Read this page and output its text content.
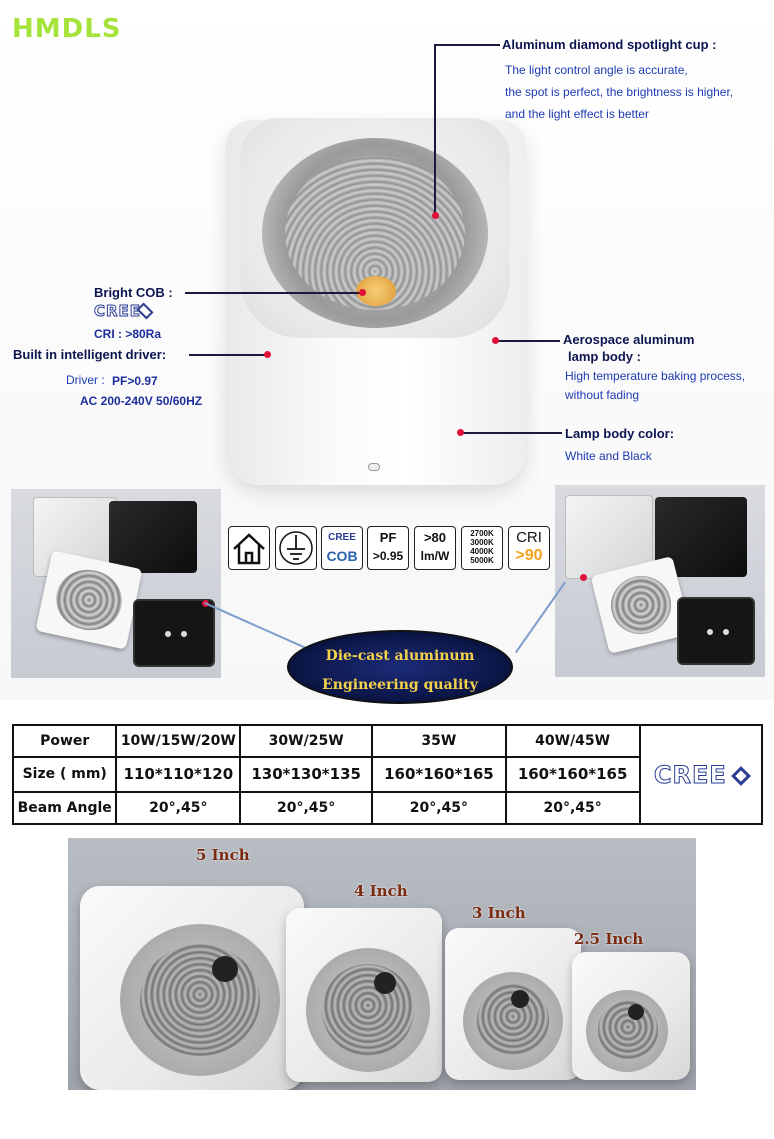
HMDLS
Aluminum diamond spotlight cup :
The light control angle is accurate,
the spot is perfect, the brightness is higher,
and the light effect is better
Bright COB :
CREE
CRI : >80Ra
Built in intelligent driver:
Driver : PF>0.97
AC 200-240V 50/60HZ
Aerospace aluminum
lamp body :
High temperature baking process,
without fading
Lamp body color:
White and Black
CREE
COB
PF
>0.95
>80
lm/W
2700K
3000K
4000K
5000K
CRI
>90
Die-cast aluminum
Engineering quality
Power	10W/15W/20W	30W/25W	35W	40W/45W	CREE
Size ( mm)	110*110*120	130*130*135	160*160*165	160*160*165	
Beam Angle	20°,45°	20°,45°	20°,45°	20°,45°	
5 Inch
4 Inch
3 Inch
2.5 Inch
